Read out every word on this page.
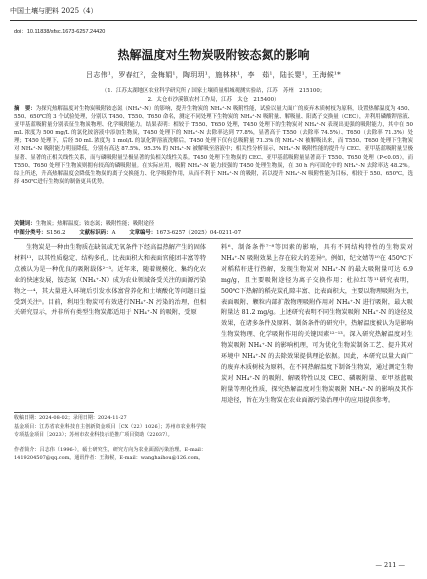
中国土壤与肥料 2025（4）
doi：10.11838/sfsc.1673-6257.24420
热解温度对生物炭吸附铵态氮的影响
吕志伟¹，罗春红²，金梅娟¹，陶玥玥¹，施林林¹，李　茹¹，陆长婴¹，王海候¹*
（1．江苏太湖地区农业科学研究所 / 国家土壤质量相城观测实验站，江苏　苏州　215100；
2．太仓市沙溪镇农村工作局，江苏　太仓　215400）
摘　要：为探究热解温度对生物炭吸附铵态氮（NH₄⁺-N）的影响，提升生物炭的 NH₄⁺-N 吸附性能，试验以量大面广的废弃木质树枝为原料，设置热解温度为 450、550、650℃的 3 个试验处理，分别以 T450、T550、T650 命名，测定不同处理下生物炭的 NH₄⁺-N 吸附量、解吸量、阳离子交换量（CEC），并利用磷酸钾溶液、亚甲基蓝吸附量分别表征生物炭物理、化学吸附能力。结果表明：相较于 T550、T650 处理，T450 处理下的生物炭对 NH₄⁺-N 表现出更强的吸附能力，其中在 50 mL 浓度为 500 mg/L 的氯化铵溶液中添加生物炭，T450 处理下的 NH₄⁺-N 去除率达到 77.8%，显著高于 T550（去除率 74.5%）、T650（去除率 71.3%）处理；T450 处理下，后经 50 mL 浓度为 1 mol/L 的氯化钾溶液洗解后，T450 处理下仅有总吸附量 71.3% 的 NH₄⁺-N 被解吸出来，而 T550、T650 处理下生物炭对 NH₄⁺-N 吸附能力明显降低，分别有高达 87.5%、95.3% 的 NH₄⁺-N 被解吸至溶液中；相关性分析显示，NH₄⁺-N 吸附性能的提升与 CEC、亚甲基蓝吸附量呈极显著、显著的正相关线性关系，而与磷吸附量呈极显著的负相关线性关系。T450 处理下生物炭的 CEC、亚甲基蓝吸附量显著高于 T550、T650 处理（P<0.05），而 T550、T650 处理下生物炭则拥有较高的磷吸附量。在实际应用，吸附 NH₄⁺-N 能力较强的 T450 处理生物炭，在 30 h 内可固化中的 NH₄⁺-N 去除率达 48.2%。综上所述，升高热解温度会降低生物炭的离子交换能力、化学吸附作用，从而不利于 NH₄⁺-N 的吸附，若以提升 NH₄⁺-N 吸附性能为目标，相较于 550、650℃，选择 450℃进行生物炭的制备更具优势。
关键词：生物炭；热解温度；铵态氮；吸附性能；吸附途径
中图分类号：S156.2	文献标识码：A	文章编号：1673-6257（2025）04-0211-07
生物炭是一种由生物质在缺氧或无氧条件下经高温热解产生的固体材料¹¹，以其性质稳定、结构多孔、比表面积大和表面官能团丰富等特点被认为是一种优良的吸附载体²⁻³。近年来，随着规模化、集约化农业的快速发展，铵态氮（NH₄⁺-N）成为农业领域备受关注的面源污染物之一⁴，其大量进入环境后引发水体富营养化和土壤酸化等问题日益受到关注⁵。目前，利用生物炭可有效进行NH₄⁺-N 污染的治理，但相关研究显示，并非所有类型生物炭都适用于 NH₄⁺-N 的吸附，受原
料⁶、制备条件⁷⁻⁸等因素的影响，具有不同结构特性的生物炭对 NH₄⁺-N 吸附效果上存在较大的差异⁹。例如，纪文婧等¹⁰在 450℃下对稻秸秆进行热解，发现生物炭对 NH₄⁺-N 的最大吸附量可达 6.9 mg/g，且主要吸附途径为离子交换作用；杜拉红等¹¹研究表明，500℃下热解的稻壳炭孔隙丰富、比表面积大，主要以物理吸附为主，表面吸附、颗粒内部扩散物理吸附作用对 NH₄⁺-N 进行吸附，最大吸附量达 81.2 mg/g。上述研究表明不同生物炭吸附 NH₄⁺-N 的途径及效果，在诸多条件及原料、制备条件的研究中，热解温度被认为是影响生物炭物理、化学吸附作用的关键因素¹²⁻¹³。深入研究热解温度对生物炭吸附 NH₄⁺-N 的影响机理，可为优化生物炭制备工艺、提升其对环境中 NH₄⁺-N 的去除效果提供理论依据。因此，本研究以量大面广的废弃木质树枝为原料，在不同热解温度下制备生物炭，通过测定生物炭对 NH₄⁺-N 的吸附、解吸特性以及 CEC、磷吸附量、亚甲基蓝吸附量等理化性质，探究热解温度对生物炭吸附 NH₄⁺-N 的影响及其作用途径，旨在为生物炭在农业面源污染治理中的应用提供参考。
收稿日期：2024-08-02；录用日期：2024-11-27
基金项目：江苏省农业科技自主创新资金项目［CX（22）1026］；苏州市农业科学院专项基金项目［2023）；苏州市农业科技示范推广项目资助（22037）。
作者简介：吕志伟（1996-），硕士研究生，研究方向为农业面源污染治理。E-mail：1419204507@qq.com。通讯作者：王海候，E-mail：wanghaihou@126.com。
— 211 —
